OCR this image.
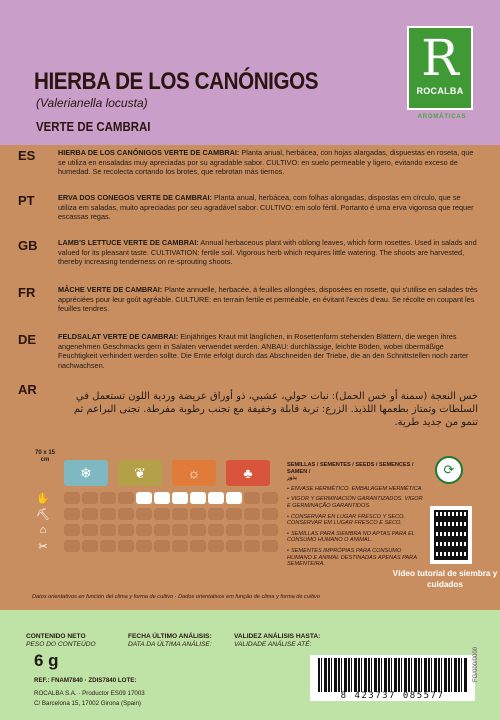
HIERBA DE LOS CANÓNIGOS
(Valerianella locusta)
VERTE DE CAMBRAI
R
ROCALBA
AROMÁTICAS
ES	HIERBA DE LOS CANÓNIGOS VERTE DE CAMBRAI: Planta anual, herbácea, con hojas alargadas, dispuestas en roseta, que se utiliza en ensaladas muy apreciadas por su agradable sabor. CULTIVO: en suelo permeable y ligero, evitando exceso de humedad. Se recolecta cortando los brotes, que rebrotan más tiernos.
PT	ERVA DOS CONEGOS VERTE DE CAMBRAI: Planta anual, herbácea, com folhas alongadas, dispostas em círculo, que se utiliza em saladas, muito apreciadas por seu agradável sabor. CULTIVO: em solo fértil. Portanto é uma erva vigorosa que requer escassas regas.
GB	LAMB'S LETTUCE VERTE DE CAMBRAI: Annual herbaceous plant with oblong leaves, which form rosettes. Used in salads and valued for its pleasant taste. CULTIVATION: fertile soil. Vigorous herb which requires little watering. The shoots are harvested, thereby increasing tenderness on re-sprouting shoots.
FR	MÂCHE VERTE DE CAMBRAI: Plante annuelle, herbacée, à feuilles allongées, disposées en rosette, qui s'utilise en salades très appréciées pour leur goût agréable. CULTURE: en terrain fertile et perméable, en évitant l'excès d'eau. Se récolte en coupant les feuilles tendres.
DE	FELDSALAT VERTE DE CAMBRAI: Einjähriges Kraut mit länglichen, in Rosettenform stehenden Blättern, die wegen ihres angenehmen Geschmacks gern in Salaten verwendet werden. ANBAU: durchlässige, leichte Böden, wobei übermäßige Feuchtigkeit verhindert werden sollte. Die Ernte erfolgt durch das Abschneiden der Triebe, die an den Schnittstellen noch zarter nachwachsen.
AR	خس النعجة (سمنة أو خس الحمل): نبات حولي، عشبي، ذو أوراق عريضة وردية اللون تستعمل في السلطات وتمتاز بطعمها اللذيذ. الزرع: تربة قابلة وخفيفة مع تجنب رطوبة مفرطة. تجنى البراعم ثم تنمو من جديد طرية.
70 x 15 cm
❄	❦	☼	♣
✋
⛏
⌂
✂
SEMILLAS / SEMENTES / SEEDS / SEMENCES / SAMEN /
بذور
• ENVASE HERMÉTICO. EMBALAGEM HERMÉTICA.
• VIGOR Y GERMINACIÓN GARANTIZADOS. VIGOR E GERMINAÇÃO GARANTIDOS.
• CONSERVAR EN LUGAR FRESCO Y SECO. CONSERVAR EM LUGAR FRESCO E SECO.
• SEMILLAS PARA SIEMBRA NO APTAS PARA EL CONSUMO HUMANO O ANIMAL.
• SEMENTES IMPRÓPIAS PARA CONSUMO HUMANO E ANIMAL DESTINADAS APENAS PARA SEMENTEIRA.
⟳
Vídeo tutorial de siembra y cuidados
Datos orientativos en función del clima y forma de cultivo · Dados orientativos em função de clima y forma de cultivo
CONTENIDO NETO
PESO DO CONTEÚDO
6 g
REF.: FNAM7840 · ZDIS7840 LOTE:
ROCALBA S.A. · Productor ES09 17003
C/ Barcelona 15, 17002 Girona (Spain)
FECHA ÚLTIMO ANÁLISIS:
DATA DA ÚLTIMA ANÁLISE:
VALIDEZ ANÁLISIS HASTA:
VALIDADE ANÁLISE ATÉ:
8 423737 085577
FG/000/0000
